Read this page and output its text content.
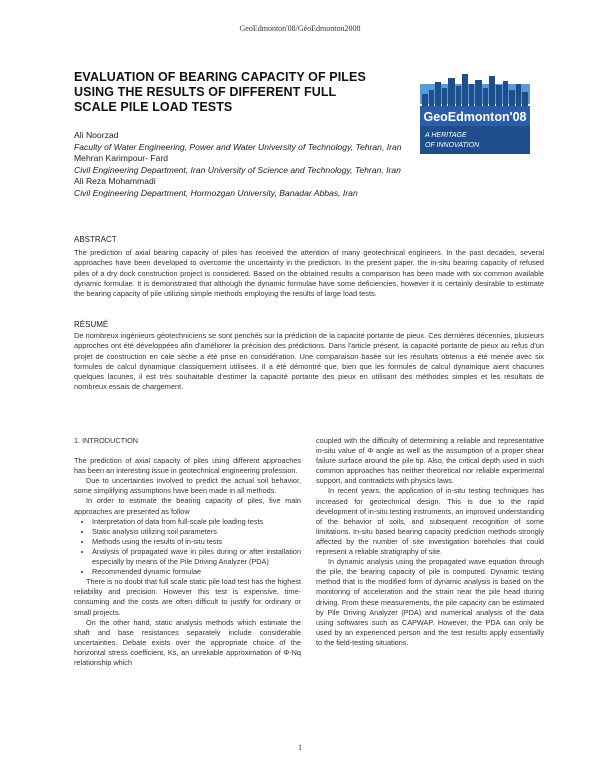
GeoEdmonton'08/GéoEdmonton2008
EVALUATION OF BEARING CAPACITY OF PILES USING THE RESULTS OF DIFFERENT FULL SCALE PILE LOAD TESTS
GeoEdmonton'08
A HERITAGE
OF INNOVATION
Ali Noorzad
Faculty of Water Engineering, Power and Water University of Technology, Tehran, Iran
Mehran Karimpour- Fard
Civil Engineering Department, Iran University of Science and Technology, Tehran, Iran
Ali Reza Mohammadi
Civil Engineering Department, Hormozgan University, Banadar Abbas, Iran
ABSTRACT
The prediction of axial bearing capacity of piles has received the attention of many geotechnical engineers. In the past decades, several approaches have been developed to overcome the uncertainty in the prediction. In the present paper, the in-situ bearing capacity of refused piles of a dry dock construction project is considered. Based on the obtained results a comparison has been made with six common available dynamic formulae. It is demonstrated that although the dynamic formulae have some deficiencies, however it is certainly desirable to estimate the bearing capacity of pile utilizing simple methods employing the results of large load tests.
RÉSUMÉ
De nombreux ingénieurs géotechniciens se sont penchés sur la prédiction de la capacité portante de pieux. Ces dernières décennies, plusieurs approches ont été développées afin d'améliorer la précision des prédictions. Dans l'article présent, la capacité portante de pieux au refus d'un projet de construction en cale sèche a été prise en considération. Une comparaison basée sur les résultats obtenus a été menée avec six formules de calcul dynamique classiquement utilisées. Il a été démontré que, bien que les formules de calcul dynamique aient chacunes quelques lacunes, il est très souhaitable d'estimer la capacité portante des pieux en utilisant des méthodes simples et les résultats de nombreux essais de chargement.

1. INTRODUCTION

The prediction of axial capacity of piles using different approaches has been an interesting issue in geotechnical engineering profession.

Due to uncertainties involved to predict the actual soil behavior, some simplifying assumptions have been made in all methods.

In order to estimate the bearing capacity of piles, five main approaches are presented as follow

• Interpretation of data from full-scale pile loading tests
• Static analysis utilizing soil parameters
• Methods using the results of in-situ tests
• Analysis of propagated wave in piles during or after installation especially by means of the Pile Driving Analyzer (PDA)
• Recommended dynamic formulae

There is no doubt that full scale static pile load test has the highest reliability and precision. However this test is expensive, time-consuming and the costs are often difficult to justify for ordinary or small projects.

On the other hand, static analysis methods which estimate the shaft and base resistances separately include considerable uncertainties. Debate exists over the appropriate choice of the horizontal stress coefficient, Ks, an unreliable approximation of Φ-Nq relationship which

coupled with the difficulty of determining a reliable and representative in-situ value of Φ angle as well as the assumption of a proper shear failure surface around the pile tip. Also, the critical depth used in such common approaches has neither theoretical nor reliable experimental support, and contradicts with physics laws.

In recent years, the application of in-situ testing techniques has increased for geotechnical design. This is due to the rapid development of in-situ testing instruments, an improved understanding of the behavior of soils, and subsequent recognition of some limitations. In-situ based bearing capacity prediction methods strongly affected by the number of site investigation boreholes that could represent a reliable stratigraphy of site.

In dynamic analysis using the propagated wave equation through the pile, the bearing capacity of pile is computed. Dynamic testing method that is the modified form of dynamic analysis is based on the monitoring of acceleration and the strain near the pile head during driving. From these measurements, the pile capacity can be estimated by Pile Driving Analyzer (PDA) and numerical analysis of the data using softwares such as CAPWAP. However, the PDA can only be used by an experienced person and the test results apply essentially to the field-testing situations.

1
